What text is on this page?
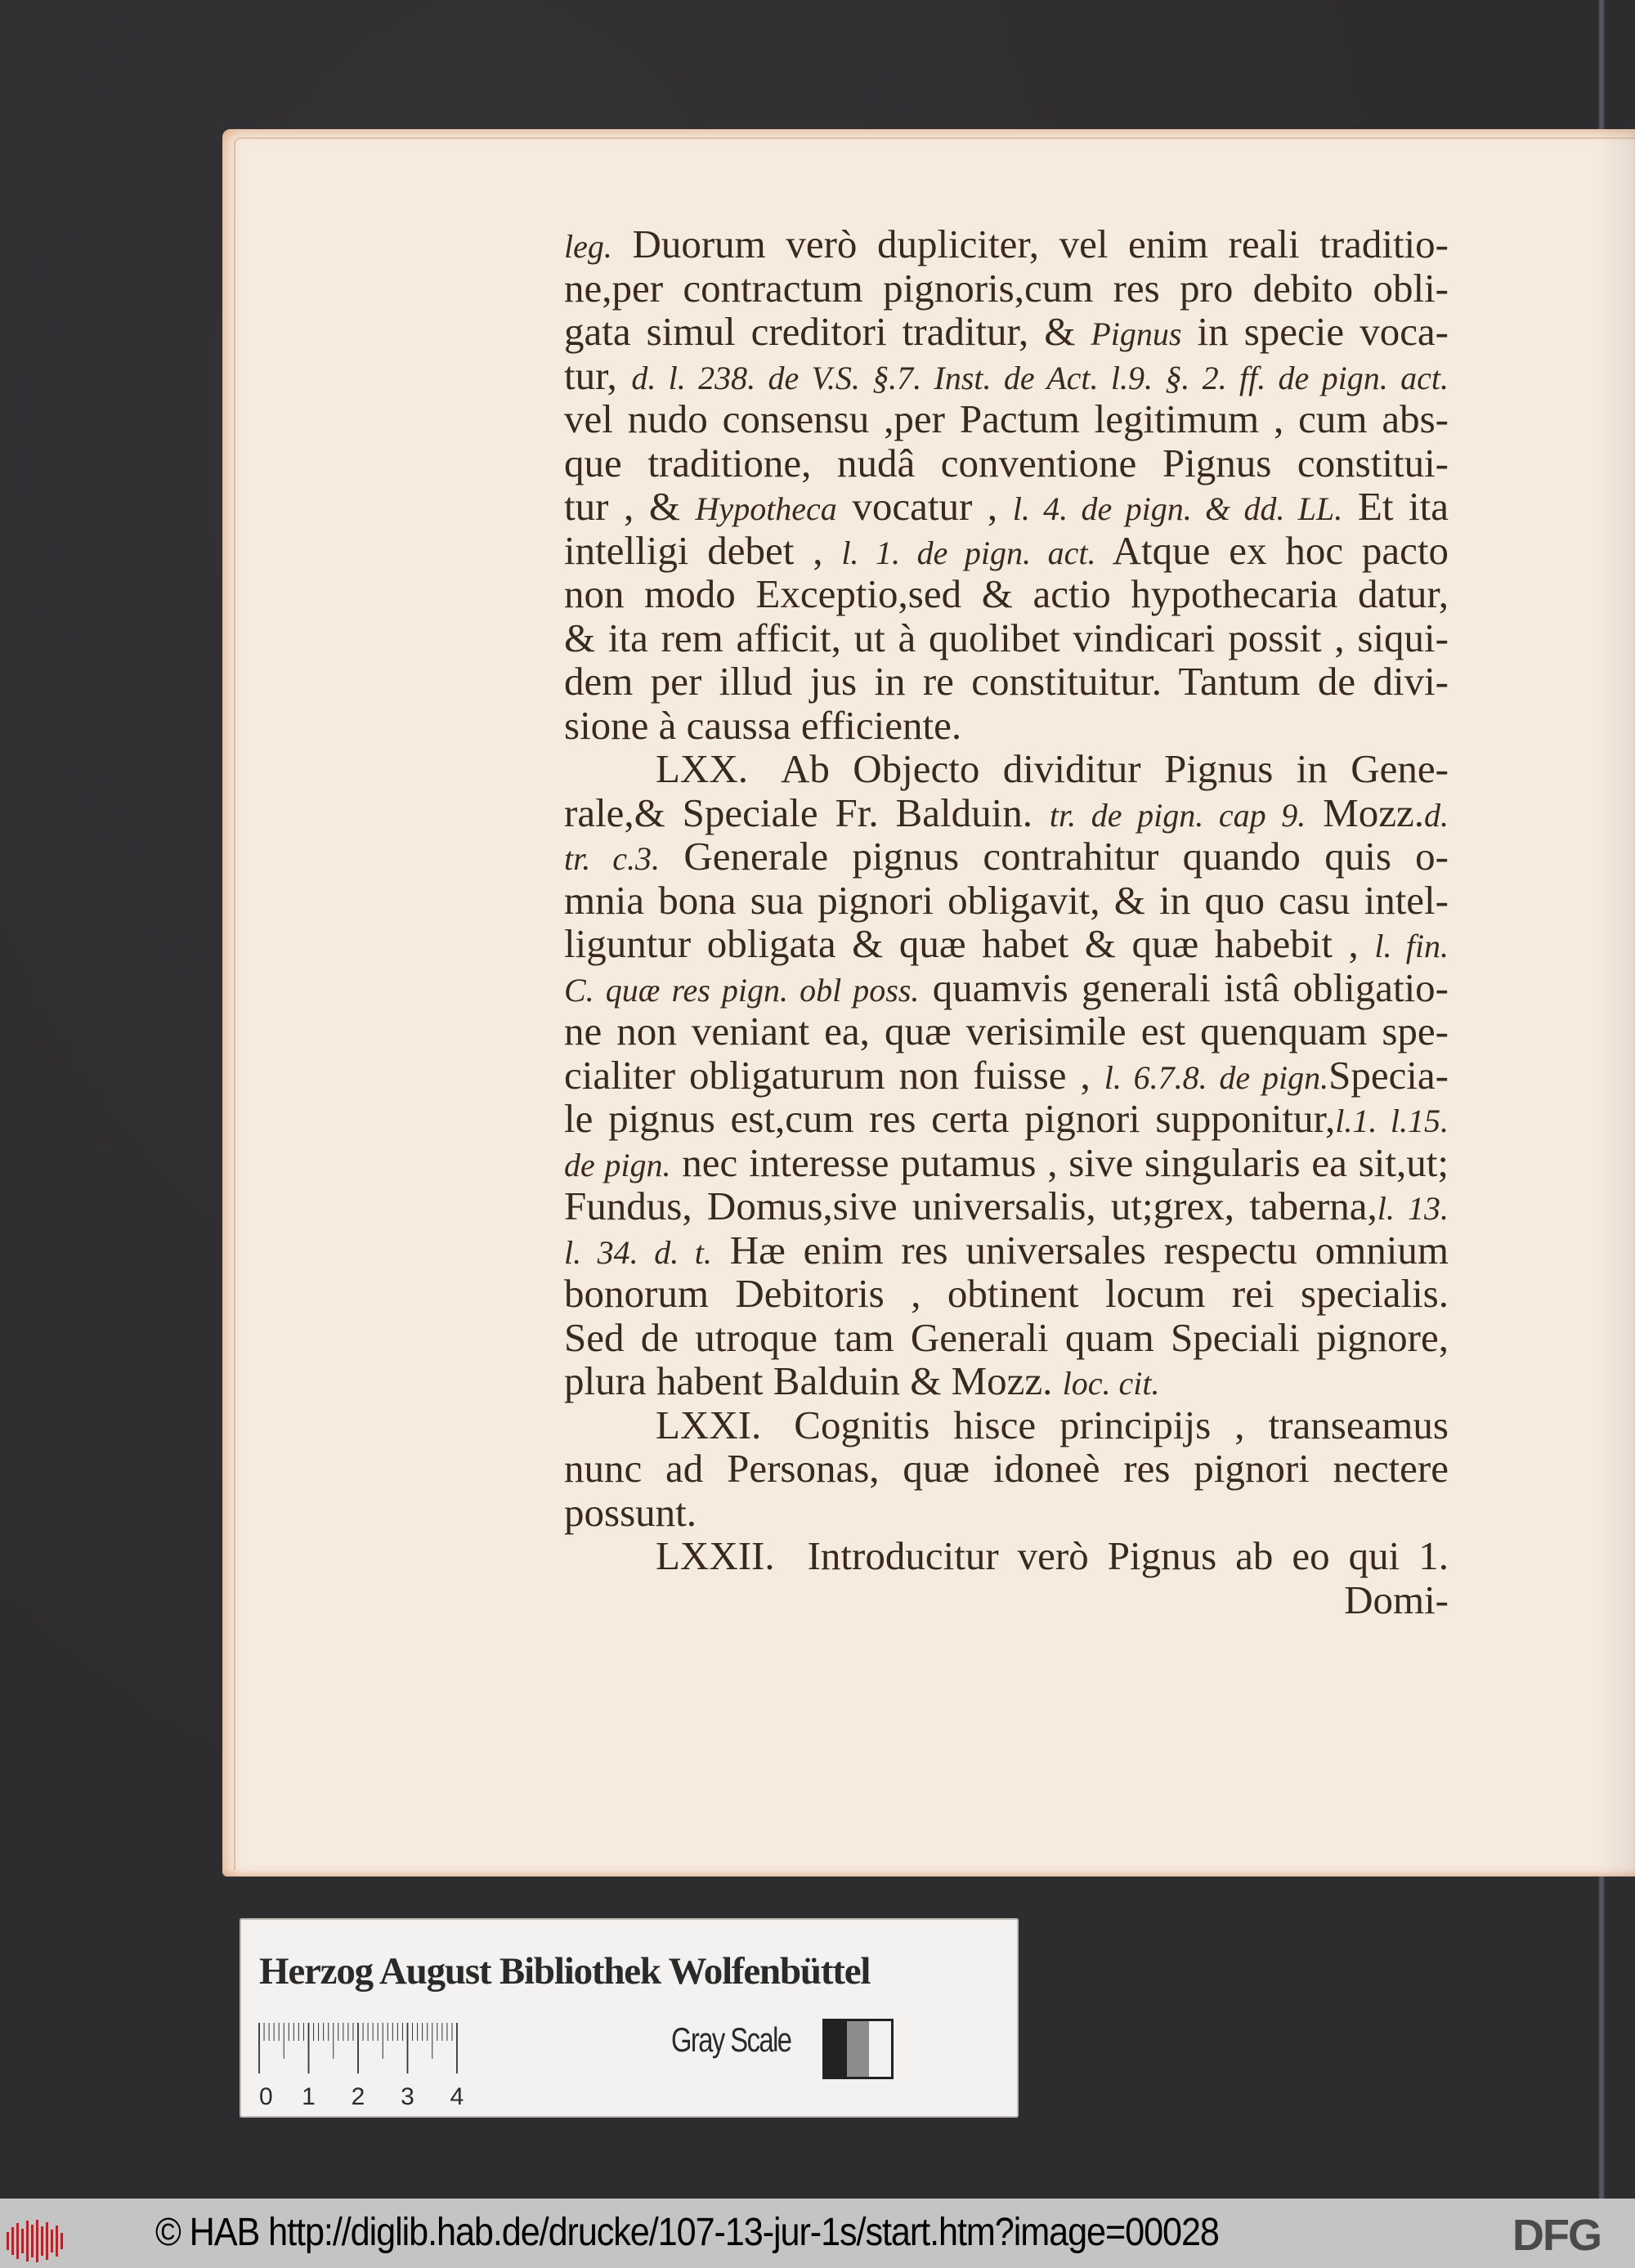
leg. Duorum verò dupliciter, vel enim reali traditio-
ne,per contractum pignoris,cum res pro debito obli-
gata simul creditori traditur, & Pignus in specie voca-
tur, d. l. 238. de V.S. §.7. Inst. de Act. l.9. §. 2. ff. de pign. act.
vel nudo consensu ,per Pactum legitimum , cum abs-
que traditione, nudâ conventione Pignus constitui-
tur , & Hypotheca vocatur , l. 4. de pign. & dd. LL. Et ita
intelligi debet , l. 1. de pign. act. Atque ex hoc pacto
non modo Exceptio,sed & actio hypothecaria datur,
& ita rem afficit, ut à quolibet vindicari possit , siqui-
dem per illud jus in re constituitur. Tantum de divi-
sione à caussa efficiente.
LXX. Ab Objecto dividitur Pignus in Gene-
rale,& Speciale Fr. Balduin. tr. de pign. cap 9. Mozz.d.
tr. c.3. Generale pignus contrahitur quando quis o-
mnia bona sua pignori obligavit, & in quo casu intel-
liguntur obligata & quæ habet & quæ habebit , l. fin.
C. quæ res pign. obl poss. quamvis generali istâ obligatio-
ne non veniant ea, quæ verisimile est quenquam spe-
cialiter obligaturum non fuisse , l. 6.7.8. de pign.Specia-
le pignus est,cum res certa pignori supponitur,l.1. l.15.
de pign. nec interesse putamus , sive singularis ea sit,ut;
Fundus, Domus,sive universalis, ut;grex, taberna,l. 13.
l. 34. d. t. Hæ enim res universales respectu omnium
bonorum Debitoris , obtinent locum rei specialis.
Sed de utroque tam Generali quam Speciali pignore,
plura habent Balduin & Mozz. loc. cit.
LXXI. Cognitis hisce principijs , transeamus
nunc ad Personas, quæ idoneè res pignori nectere
possunt.
LXXII. Introducitur verò Pignus ab eo qui 1.
Domi-
Herzog August Bibliothek Wolfenbüttel
0 1 2 3 4
Gray Scale
© HAB http://diglib.hab.de/drucke/107-13-jur-1s/start.htm?image=00028	DFG
